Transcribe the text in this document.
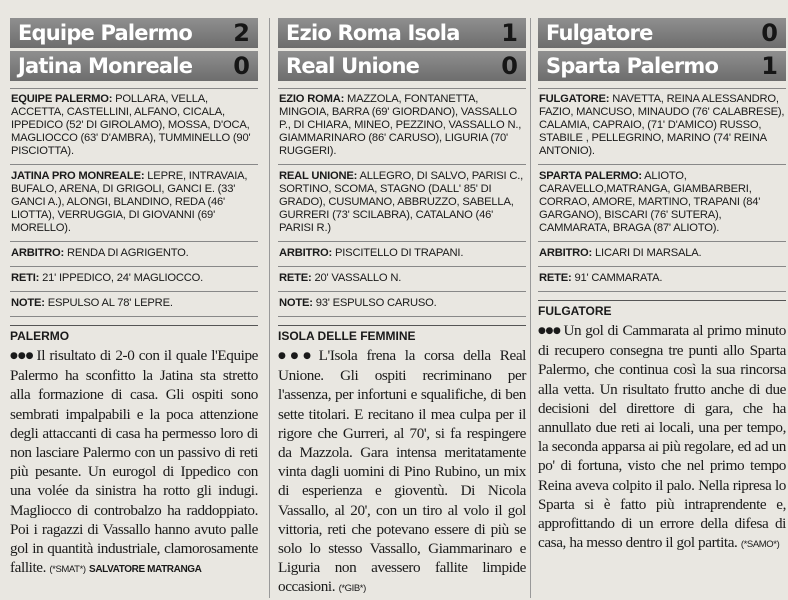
Equipe Palermo 2
Jatina Monreale 0
EQUIPE PALERMO: POLLARA, VELLA, ACCETTA, CASTELLINI, ALFANO, CICALA, IPPEDICO (52' DI GIROLAMO), MOSSA, D'OCA, MAGLIOCCO (63' D'AMBRA), TUMMINELLO (90' PISCIOTTA).
JATINA PRO MONREALE: LEPRE, INTRAVAIA, BUFALO, ARENA, DI GRIGOLI, GANCI E. (33' GANCI A.), ALONGI, BLANDINO, REDA (46' LIOTTA), VERRUGGIA, DI GIOVANNI (69' MORELLO).
ARBITRO: RENDA DI AGRIGENTO.
RETI: 21' IPPEDICO, 24' MAGLIOCCO.
NOTE: ESPULSO AL 78' LEPRE.
PALERMO
●●● Il risultato di 2-0 con il quale l'Equipe Palermo ha sconfitto la Jatina sta stretto alla formazione di casa. Gli ospiti sono sembrati impalpabili e la poca attenzione degli attaccanti di casa ha permesso loro di non lasciare Palermo con un passivo di reti più pesante. Un eurogol di Ippedico con una volée da sinistra ha rotto gli indugi. Magliocco di controbalzo ha raddoppiato. Poi i ragazzi di Vassallo hanno avuto palle gol in quantità industriale, clamorosamente fallite. (*SMAT*) SALVATORE MATRANGA
Ezio Roma Isola 1
Real Unione	0
EZIO ROMA: MAZZOLA, FONTANETTA, MINGOIA, BARRA (69' GIORDANO), VASSALLO P., DI CHIARA, MINEO, PEZZINO, VASSALLO N., GIAMMARINARO (86' CARUSO), LIGURIA (70' RUGGERI).
REAL UNIONE: ALLEGRO, DI SALVO, PARISI C., SORTINO, SCOMA, STAGNO (DALL' 85' DI GRADO), CUSUMANO, ABBRUZZO, SABELLA, GURRERI (73' SCILABRA), CATALANO (46' PARISI R.)
ARBITRO: PISCITELLO DI TRAPANI.
RETE: 20' VASSALLO N.
NOTE: 93' ESPULSO CARUSO.
ISOLA DELLE FEMMINE
●●● L'Isola frena la corsa della Real Unione. Gli ospiti recriminano per l'assenza, per infortuni e squalifiche, di ben sette titolari. E recitano il mea culpa per il rigore che Gurreri, al 70', si fa respingere da Mazzola. Gara intensa meritatamente vinta dagli uomini di Pino Rubino, un mix di esperienza e gioventù. Di Nicola Vassallo, al 20', con un tiro al volo il gol vittoria, reti che potevano essere di più se solo lo stesso Vassallo, Giammarinaro e Liguria non avessero fallite limpide occasioni. (*GIB*)
Fulgatore	0
Sparta Palermo 1
FULGATORE: NAVETTA, REINA ALESSANDRO, FAZIO, MANCUSO, MINAUDO (76' CALABRESE), CALAMIA, CAPRAIO, (71' D'AMICO) RUSSO, STABILE , PELLEGRINO, MARINO (74' REINA ANTONIO).
SPARTA PALERMO: ALIOTO, CARAVELLO,MATRANGA, GIAMBARBERI, CORRAO, AMORE, MARTINO, TRAPANI (84' GARGANO), BISCARI (76' SUTERA), CAMMARATA, BRAGA (87' ALIOTO).
ARBITRO: LICARI DI MARSALA.
RETE: 91' CAMMARATA.
FULGATORE
●●● Un gol di Cammarata al primo minuto di recupero consegna tre punti allo Sparta Palermo, che continua così la sua rincorsa alla vetta. Un risultato frutto anche di due decisioni del direttore di gara, che ha annullato due reti ai locali, una per tempo, la seconda apparsa ai più regolare, ed ad un po' di fortuna, visto che nel primo tempo Reina aveva colpito il palo. Nella ripresa lo Sparta si è fatto più intraprendente e, approfittando di un errore della difesa di casa, ha messo dentro il gol partita. (*SAMO*)
